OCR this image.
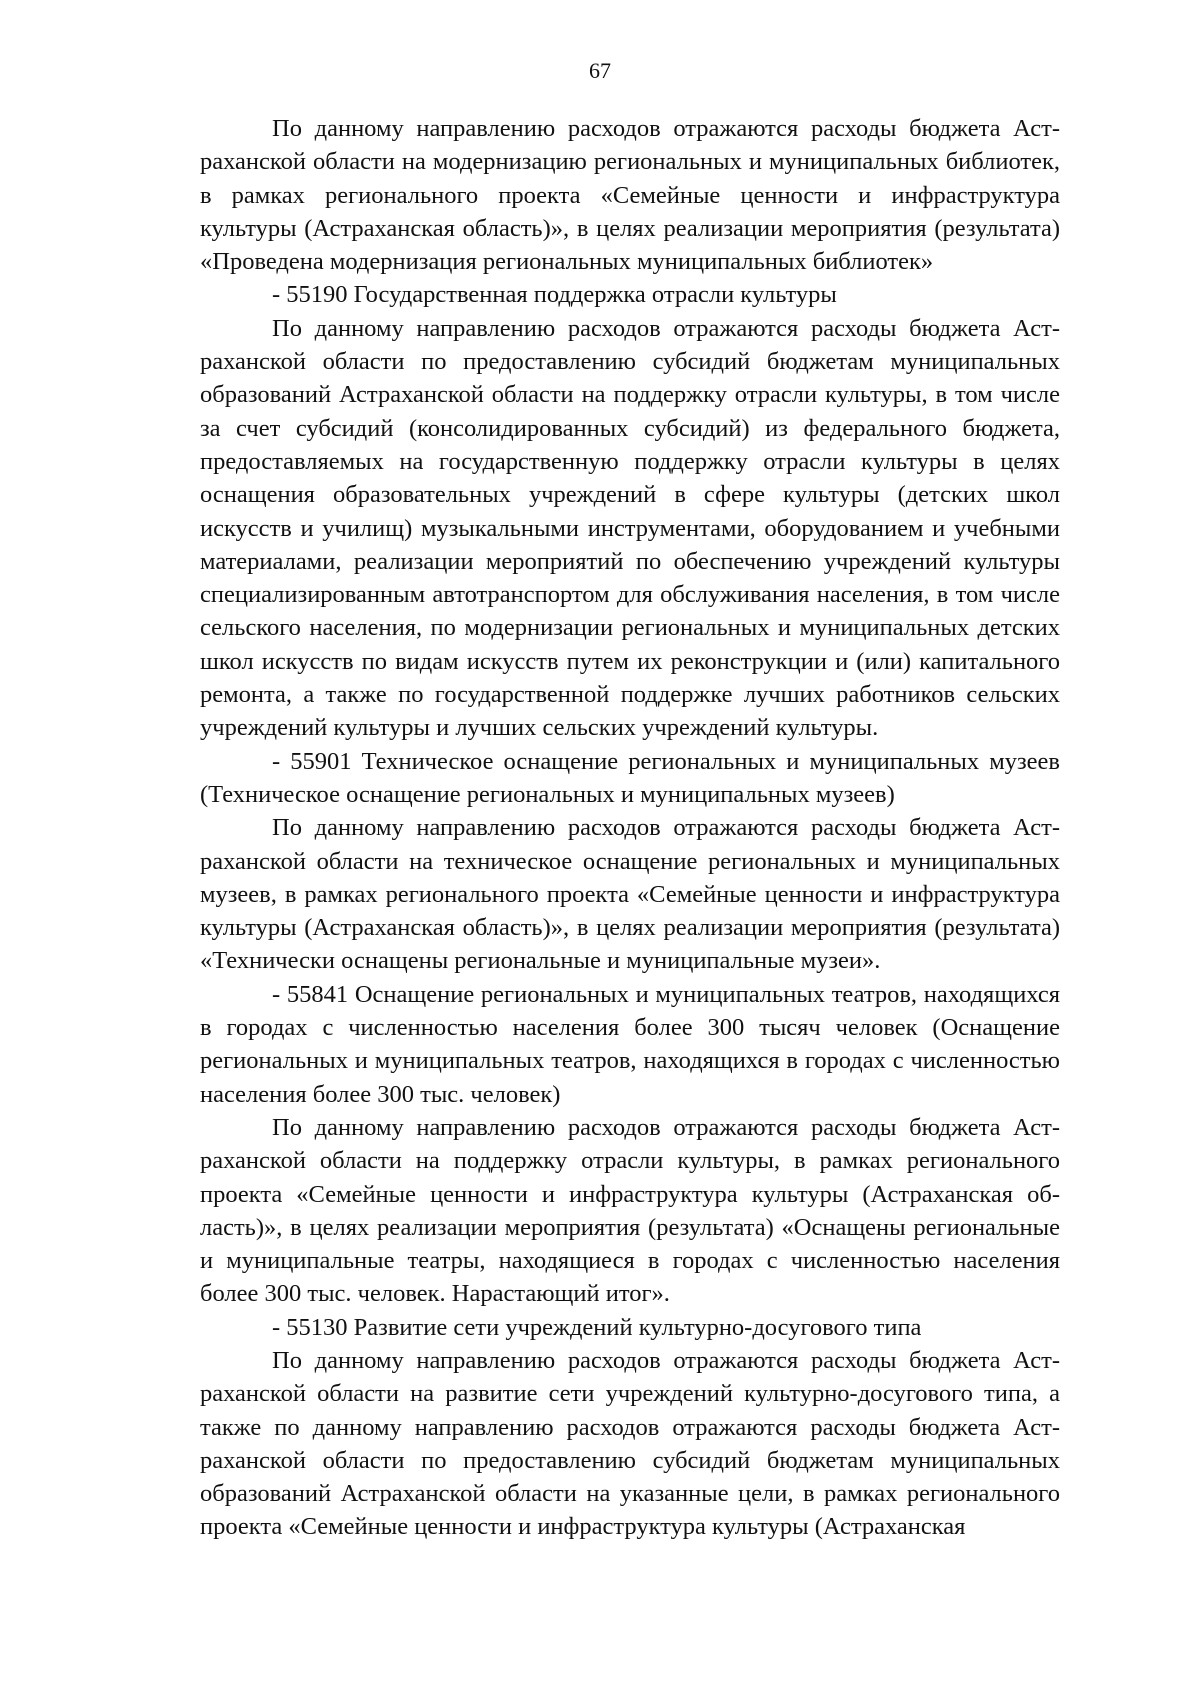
67

По данному направлению расходов отражаются расходы бюджета Астраханской области на модернизацию региональных и муниципальных библиотек, в рамках регионального проекта «Семейные ценности и инфраструктура культуры (Астраханская область)», в целях реализации мероприятия (результата) «Проведена модернизация региональных муниципальных библиотек»

- 55190 Государственная поддержка отрасли культуры

По данному направлению расходов отражаются расходы бюджета Астраханской области по предоставлению субсидий бюджетам муниципальных образований Астраханской области на поддержку отрасли культуры, в том числе за счет субсидий (консолидированных субсидий) из федерального бюджета, предоставляемых на государственную поддержку отрасли культуры в целях оснащения образовательных учреждений в сфере культуры (детских школ искусств и училищ) музыкальными инструментами, оборудованием и учебными материалами, реализации мероприятий по обеспечению учреждений культуры специализированным автотранспортом для обслуживания населения, в том числе сельского населения, по модернизации региональных и муниципальных детских школ искусств по видам искусств путем их реконструкции и (или) капитального ремонта, а также по государственной поддержке лучших работников сельских учреждений культуры и лучших сельских учреждений культуры.

- 55901 Техническое оснащение региональных и муниципальных музеев (Техническое оснащение региональных и муниципальных музеев)

По данному направлению расходов отражаются расходы бюджета Астраханской области на техническое оснащение региональных и муниципальных музеев, в рамках регионального проекта «Семейные ценности и инфраструктура культуры (Астраханская область)», в целях реализации мероприятия (результата) «Технически оснащены региональные и муниципальные музеи».

- 55841 Оснащение региональных и муниципальных театров, находящихся в городах с численностью населения более 300 тысяч человек (Оснащение региональных и муниципальных театров, находящихся в городах с численностью населения более 300 тыс. человек)

По данному направлению расходов отражаются расходы бюджета Астраханской области на поддержку отрасли культуры, в рамках регионального проекта «Семейные ценности и инфраструктура культуры (Астраханская область)», в целях реализации мероприятия (результата) «Оснащены региональные и муниципальные театры, находящиеся в городах с численностью населения более 300 тыс. человек. Нарастающий итог».

- 55130 Развитие сети учреждений культурно-досугового типа

По данному направлению расходов отражаются расходы бюджета Астраханской области на развитие сети учреждений культурно-досугового типа, а также по данному направлению расходов отражаются расходы бюджета Астраханской области по предоставлению субсидий бюджетам муниципальных образований Астраханской области на указанные цели, в рамках регионального проекта «Семейные ценности и инфраструктура культуры (Астраханская
